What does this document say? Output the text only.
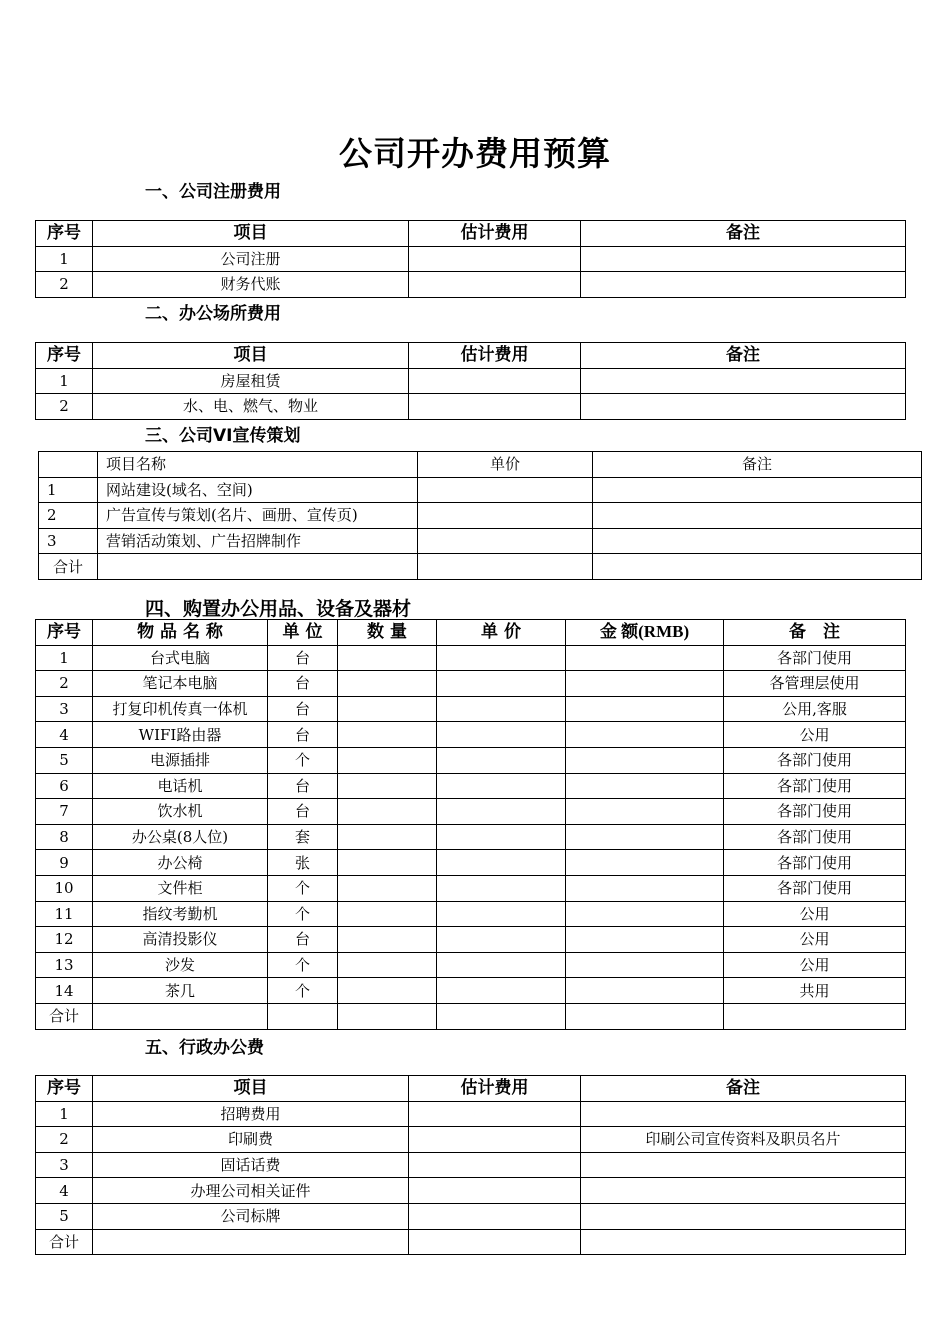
公司开办费用预算
一、公司注册费用
序号	项目	估计费用	备注
1	公司注册		
2	财务代账		
二、办公场所费用
序号	项目	估计费用	备注
1	房屋租赁		
2	水、电、燃气、物业		
三、公司VI宣传策划
	项目名称	单价	备注
1	网站建设(域名、空间)		
2	广告宣传与策划(名片、画册、宣传页)		
3	营销活动策划、广告招牌制作		
合计			
四、购置办公用品、设备及器材
序号	物 品 名 称	单 位	数 量	单 价	金 额(RMB)	备　注
1	台式电脑	台				各部门使用
2	笔记本电脑	台				各管理层使用
3	打复印机传真一体机	台				公用,客服
4	WIFI路由器	台				公用
5	电源插排	个				各部门使用
6	电话机	台				各部门使用
7	饮水机	台				各部门使用
8	办公桌(8人位)	套				各部门使用
9	办公椅	张				各部门使用
10	文件柜	个				各部门使用
11	指纹考勤机	个				公用
12	高清投影仪	台				公用
13	沙发	个				公用
14	茶几	个				共用
合计						
五、行政办公费
序号	项目	估计费用	备注
1	招聘费用		
2	印刷费		印刷公司宣传资料及职员名片
3	固话话费		
4	办理公司相关证件		
5	公司标牌		
合计			
